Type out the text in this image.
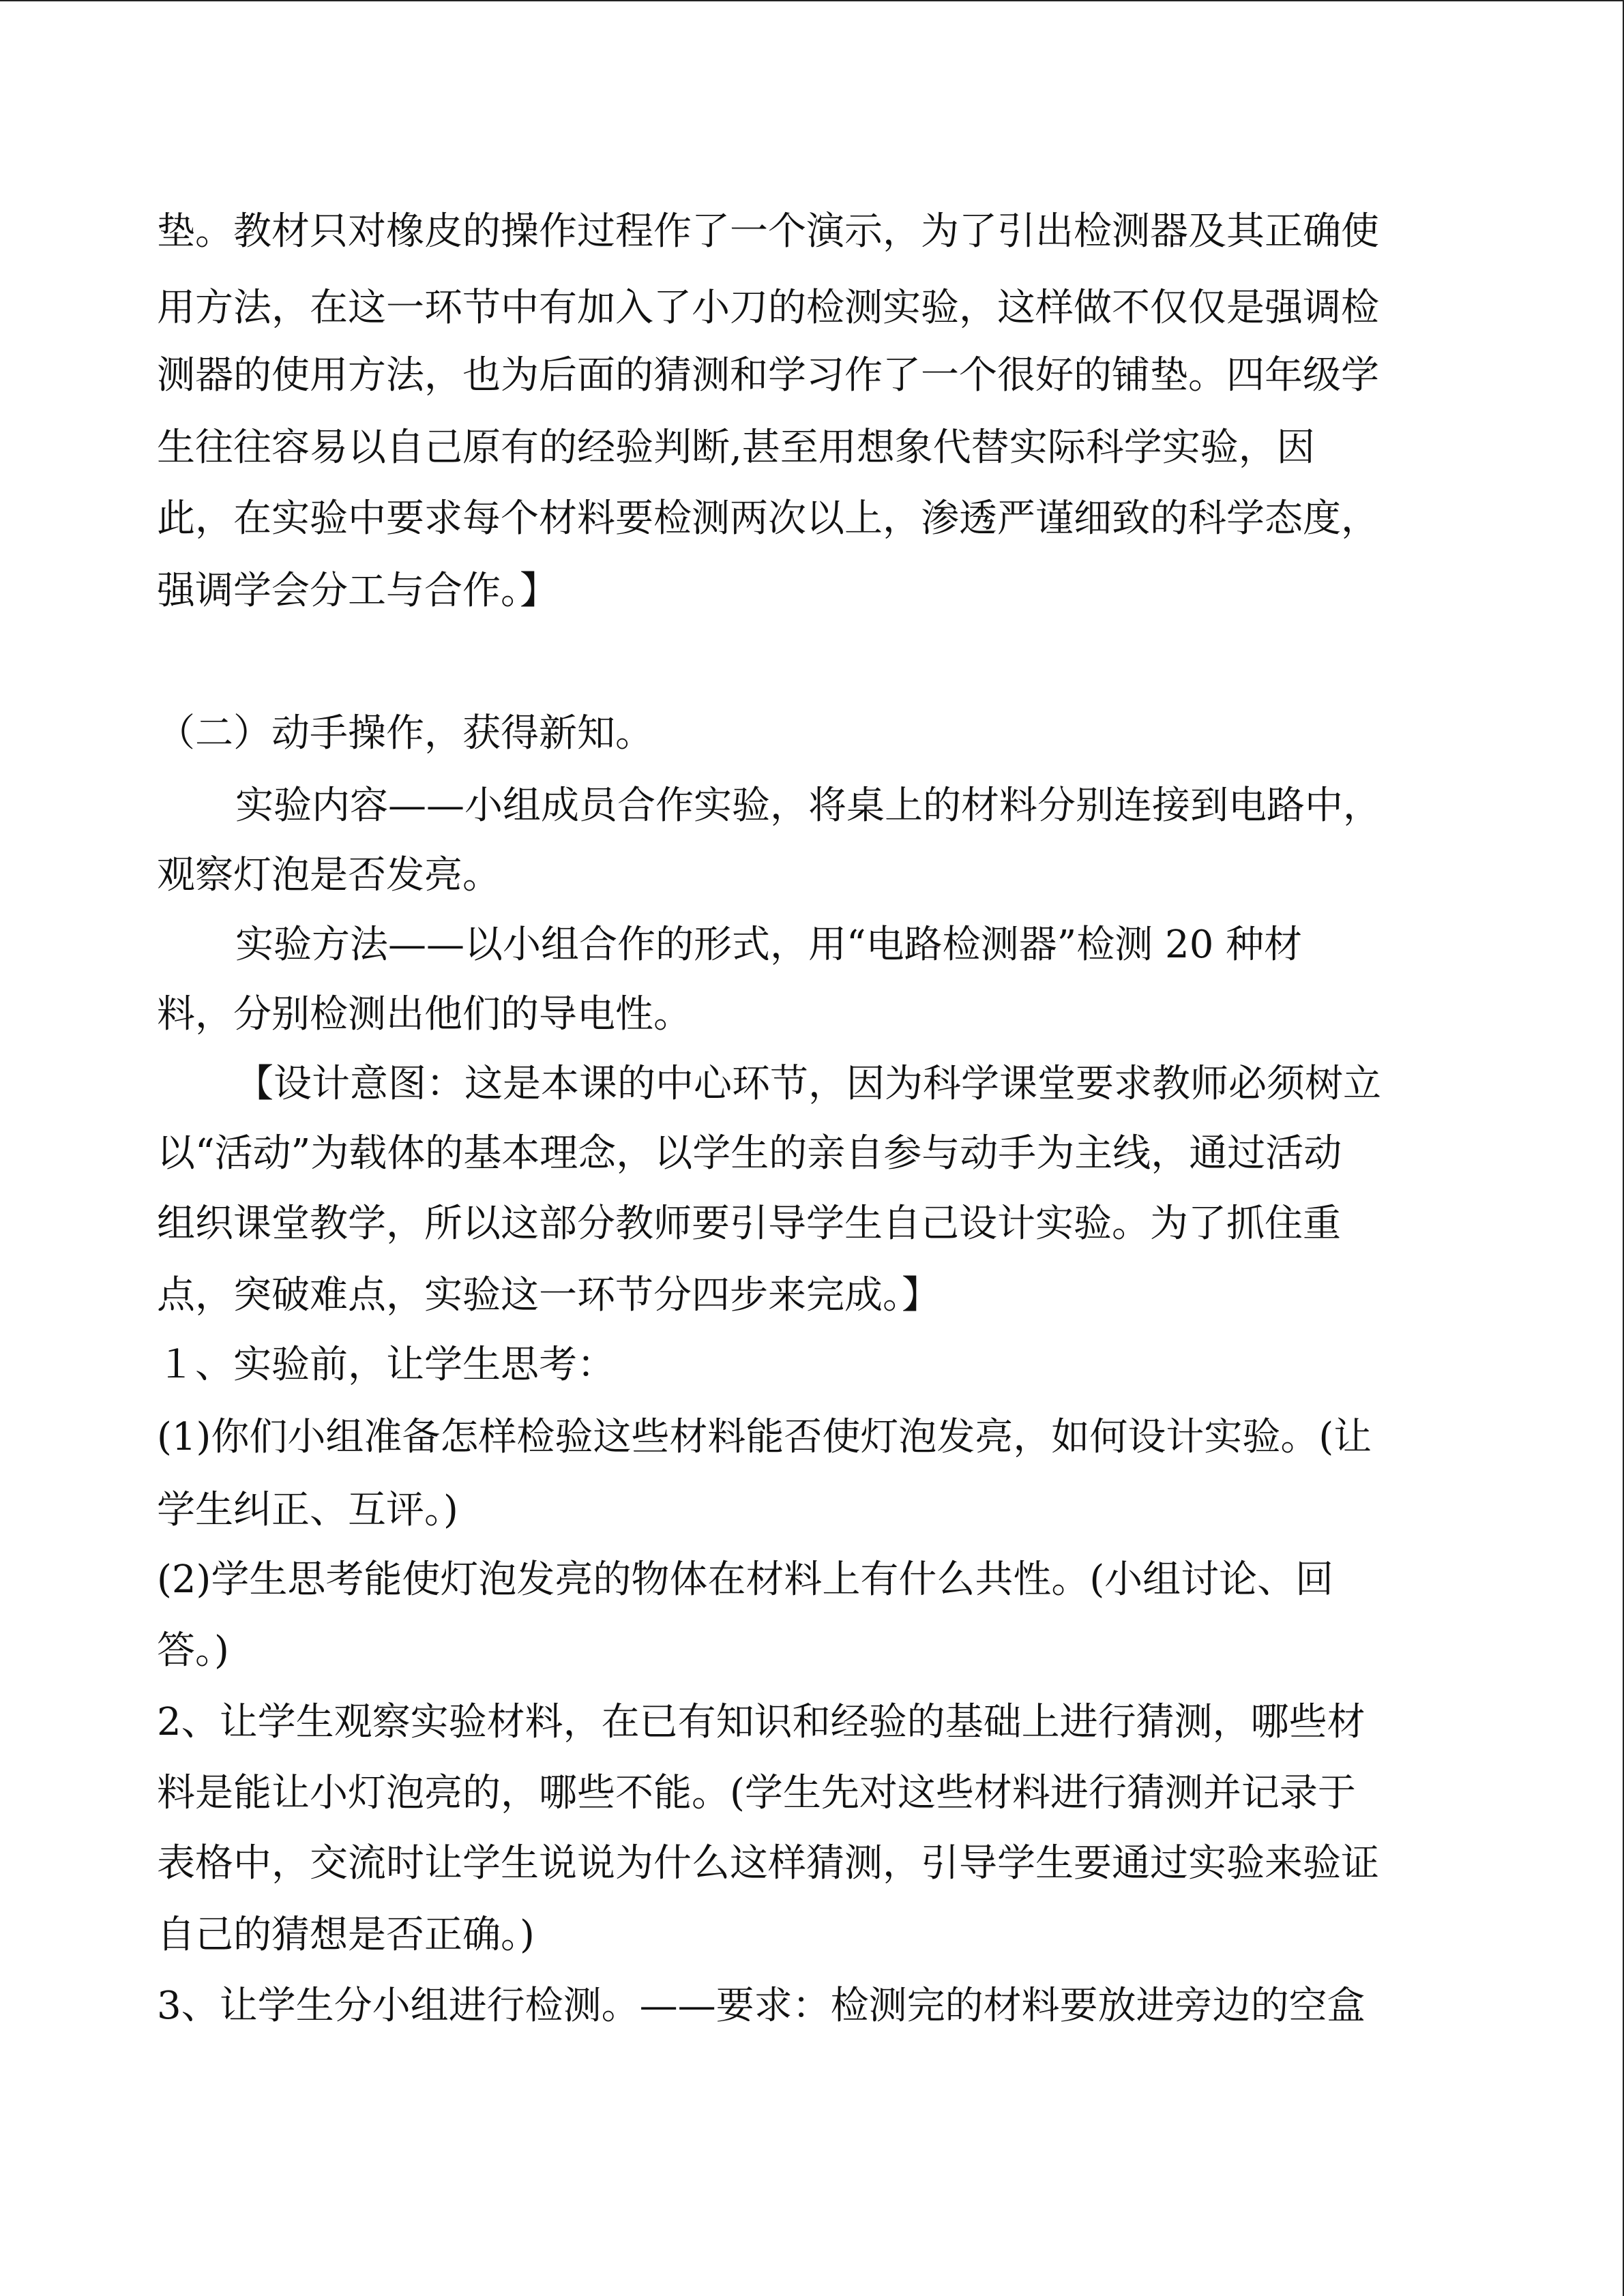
垫。教材只对橡皮的操作过程作了一个演示，为了引出检测器及其正确使
用方法，在这一环节中有加入了小刀的检测实验，这样做不仅仅是强调检
测器的使用方法，也为后面的猜测和学习作了一个很好的铺垫。四年级学
生往往容易以自己原有的经验判断,甚至用想象代替实际科学实验，因
此，在实验中要求每个材料要检测两次以上，渗透严谨细致的科学态度，
强调学会分工与合作。】
（二）动手操作，获得新知。
实验内容——小组成员合作实验，将桌上的材料分别连接到电路中，
观察灯泡是否发亮。
实验方法——以小组合作的形式，用“电路检测器”检测 20 种材
料，分别检测出他们的导电性。
【设计意图：这是本课的中心环节，因为科学课堂要求教师必须树立
以“活动”为载体的基本理念，以学生的亲自参与动手为主线，通过活动
组织课堂教学，所以这部分教师要引导学生自己设计实验。为了抓住重
点，突破难点，实验这一环节分四步来完成。】
１、实验前，让学生思考：
(1)你们小组准备怎样检验这些材料能否使灯泡发亮，如何设计实验。(让
学生纠正、互评。)
(2)学生思考能使灯泡发亮的物体在材料上有什么共性。(小组讨论、回
答。)
2、让学生观察实验材料，在已有知识和经验的基础上进行猜测，哪些材
料是能让小灯泡亮的，哪些不能。(学生先对这些材料进行猜测并记录于
表格中，交流时让学生说说为什么这样猜测，引导学生要通过实验来验证
自己的猜想是否正确。)
3、让学生分小组进行检测。——要求：检测完的材料要放进旁边的空盒
